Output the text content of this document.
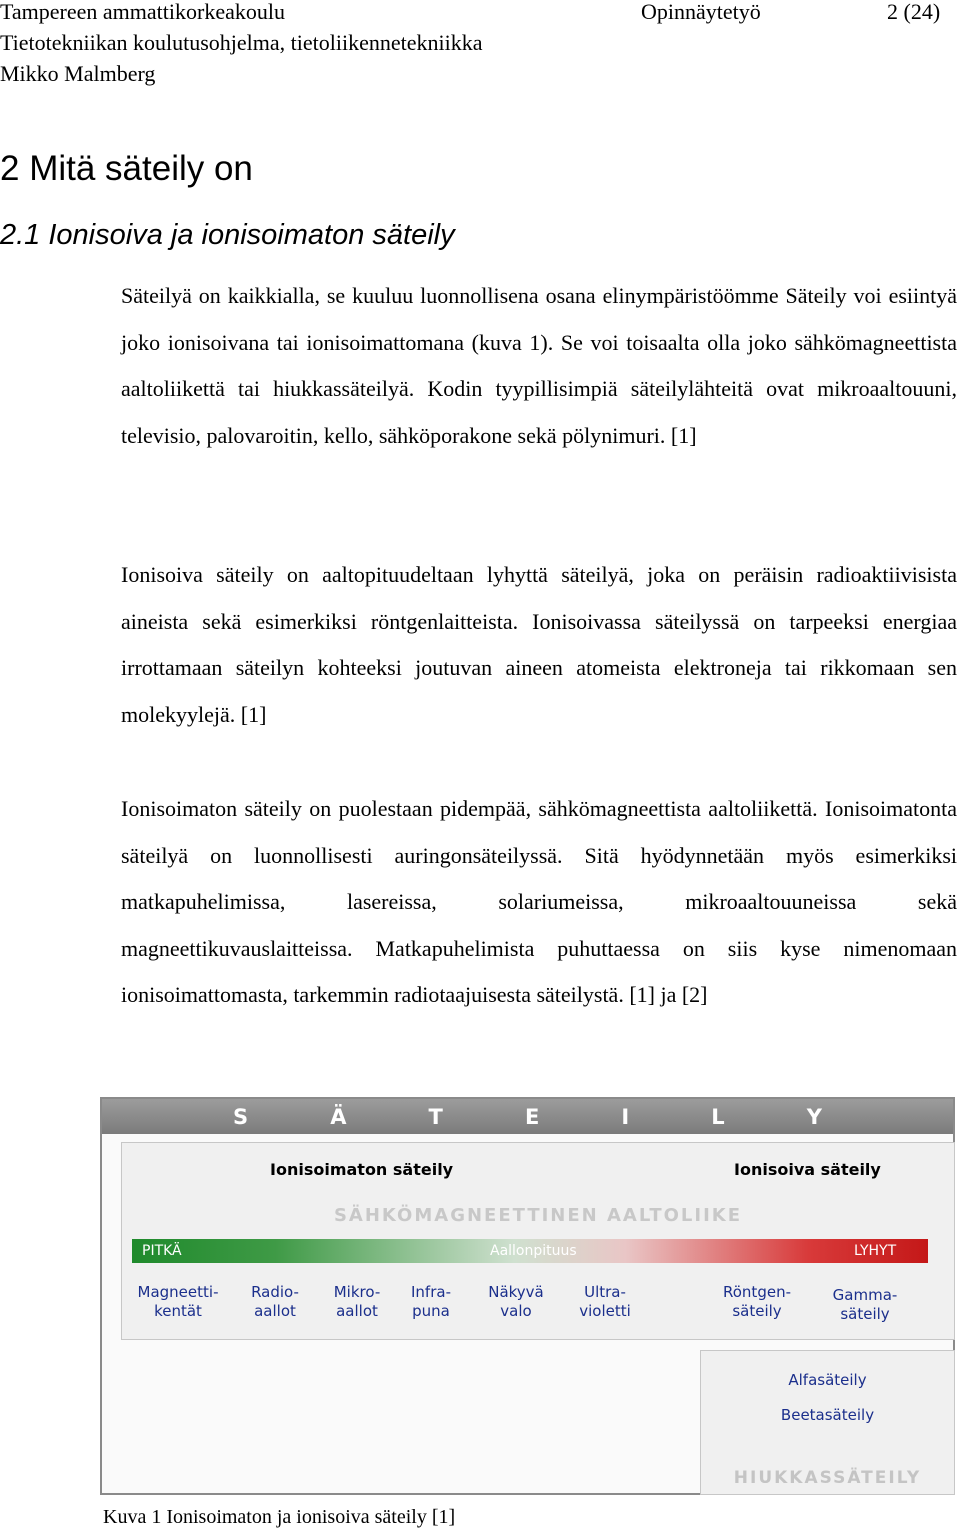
Tampereen ammattikorkeakoulu	Opinnäytetyö	2 (24)
Tietotekniikan koulutusohjelma, tietoliikennetekniikka
Mikko Malmberg
2 Mitä säteily on
2.1 Ionisoiva ja ionisoimaton säteily

Säteilyä on kaikkialla, se kuuluu luonnollisena osana elinympäristöömme Säteily voi esiintyä joko ionisoivana tai ionisoimattomana (kuva 1). Se voi toisaalta olla joko sähkömagneettista aaltoliikettä tai hiukkassäteilyä. Kodin tyypillisimpiä säteilylähteitä ovat mikroaaltouuni, televisio, palovaroitin, kello, sähköporakone sekä pölynimuri. [1]

Ionisoiva säteily on aaltopituudeltaan lyhyttä säteilyä, joka on peräisin radioaktiivisista aineista sekä esimerkiksi röntgenlaitteista. Ionisoivassa säteilyssä on tarpeeksi energiaa irrottamaan säteilyn kohteeksi joutuvan aineen atomeista elektroneja tai rikkomaan sen molekyylejä. [1]

Ionisoimaton säteily on puolestaan pidempää, sähkömagneettista aaltoliikettä. Ionisoimatonta säteilyä on luonnollisesti auringonsäteilyssä. Sitä hyödynnetään myös esimerkiksi matkapuhelimissa, lasereissa, solariumeissa, mikroaaltouuneissa sekä magneettikuvauslaitteissa. Matkapuhelimista puhuttaessa on siis kyse nimenomaan ionisoimattomasta, tarkemmin radiotaajuisesta säteilystä. [1] ja [2]

S	Ä	T	E	I	L	Y
Ionisoimaton säteily	Ionisoiva säteily
SÄHKÖMAGNEETTINEN AALTOLIIKE
PITKÄ	Aallonpituus	LYHYT
Magneetti-
kentät
Radio-
aallot
Mikro-
aallot
Infra-
puna
Näkyvä
valo
Ultra-
violetti
Röntgen-
säteily
Gamma-
säteily
Alfasäteily
Beetasäteily
HIUKKASSÄTEILY
Kuva 1 Ionisoimaton ja ionisoiva säteily [1]
